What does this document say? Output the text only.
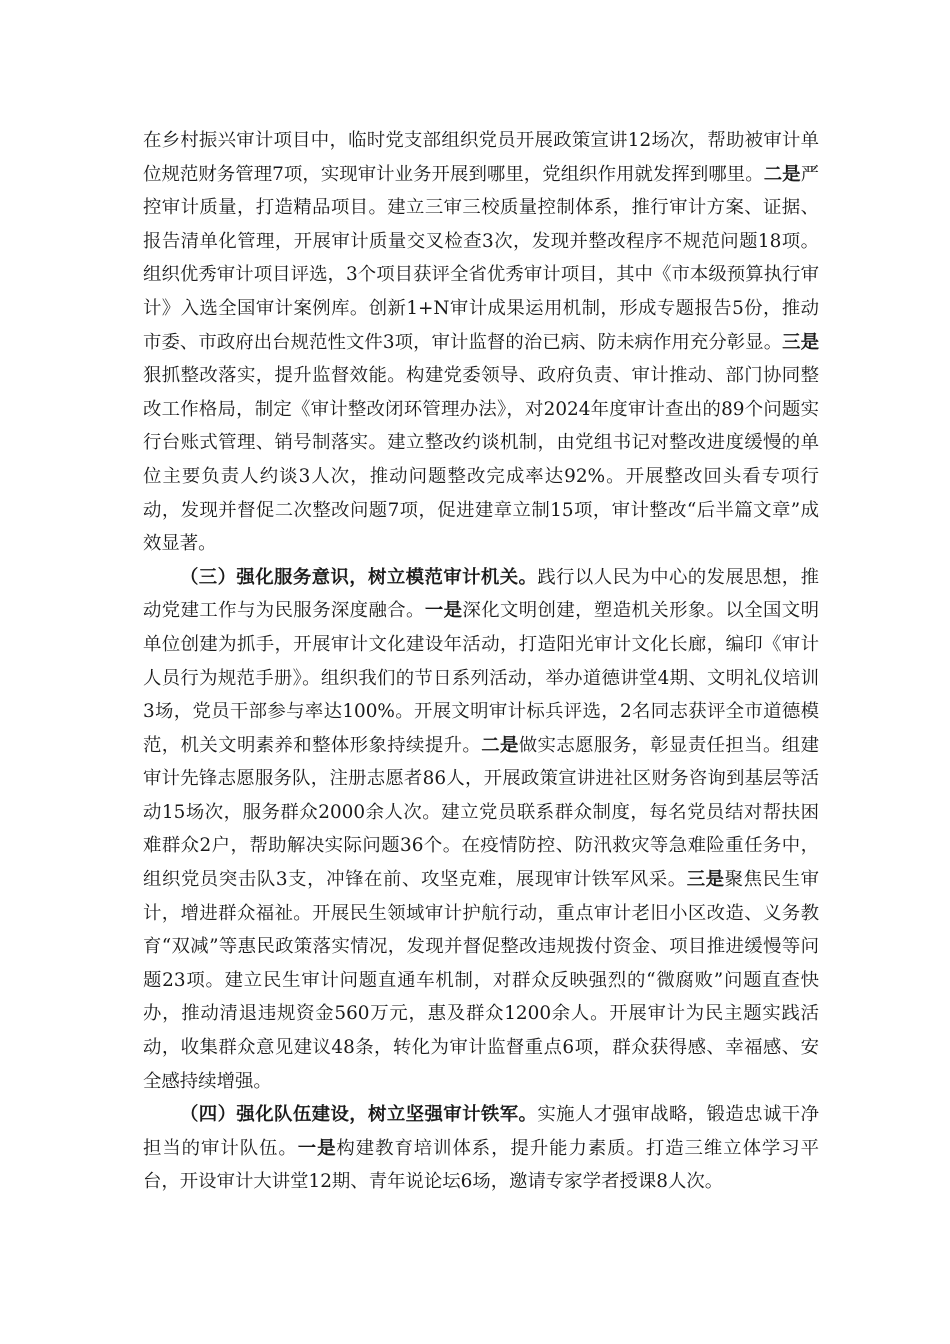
在乡村振兴审计项目中，临时党支部组织党员开展政策宣讲12场次，帮助被审计单位规范财务管理7项，实现审计业务开展到哪里，党组织作用就发挥到哪里。二是严控审计质量，打造精品项目。建立三审三校质量控制体系，推行审计方案、证据、报告清单化管理，开展审计质量交叉检查3次，发现并整改程序不规范问题18项。组织优秀审计项目评选，3个项目获评全省优秀审计项目，其中《市本级预算执行审计》入选全国审计案例库。创新1+N审计成果运用机制，形成专题报告5份，推动市委、市政府出台规范性文件3项，审计监督的治已病、防未病作用充分彰显。三是狠抓整改落实，提升监督效能。构建党委领导、政府负责、审计推动、部门协同整改工作格局，制定《审计整改闭环管理办法》，对2024年度审计查出的89个问题实行台账式管理、销号制落实。建立整改约谈机制，由党组书记对整改进度缓慢的单位主要负责人约谈3人次，推动问题整改完成率达92%。开展整改回头看专项行动，发现并督促二次整改问题7项，促进建章立制15项，审计整改“后半篇文章”成效显著。

（三）强化服务意识，树立模范审计机关。践行以人民为中心的发展思想，推动党建工作与为民服务深度融合。一是深化文明创建，塑造机关形象。以全国文明单位创建为抓手，开展审计文化建设年活动，打造阳光审计文化长廊，编印《审计人员行为规范手册》。组织我们的节日系列活动，举办道德讲堂4期、文明礼仪培训3场，党员干部参与率达100%。开展文明审计标兵评选，2名同志获评全市道德模范，机关文明素养和整体形象持续提升。二是做实志愿服务，彰显责任担当。组建审计先锋志愿服务队，注册志愿者86人，开展政策宣讲进社区财务咨询到基层等活动15场次，服务群众2000余人次。建立党员联系群众制度，每名党员结对帮扶困难群众2户，帮助解决实际问题36个。在疫情防控、防汛救灾等急难险重任务中，组织党员突击队3支，冲锋在前、攻坚克难，展现审计铁军风采。三是聚焦民生审计，增进群众福祉。开展民生领域审计护航行动，重点审计老旧小区改造、义务教育“双减”等惠民政策落实情况，发现并督促整改违规拨付资金、项目推进缓慢等问题23项。建立民生审计问题直通车机制，对群众反映强烈的“微腐败”问题直查快办，推动清退违规资金560万元，惠及群众1200余人。开展审计为民主题实践活动，收集群众意见建议48条，转化为审计监督重点6项，群众获得感、幸福感、安全感持续增强。

（四）强化队伍建设，树立坚强审计铁军。实施人才强审战略，锻造忠诚干净担当的审计队伍。一是构建教育培训体系，提升能力素质。打造三维立体学习平台，开设审计大讲堂12期、青年说论坛6场，邀请专家学者授课8人次。
